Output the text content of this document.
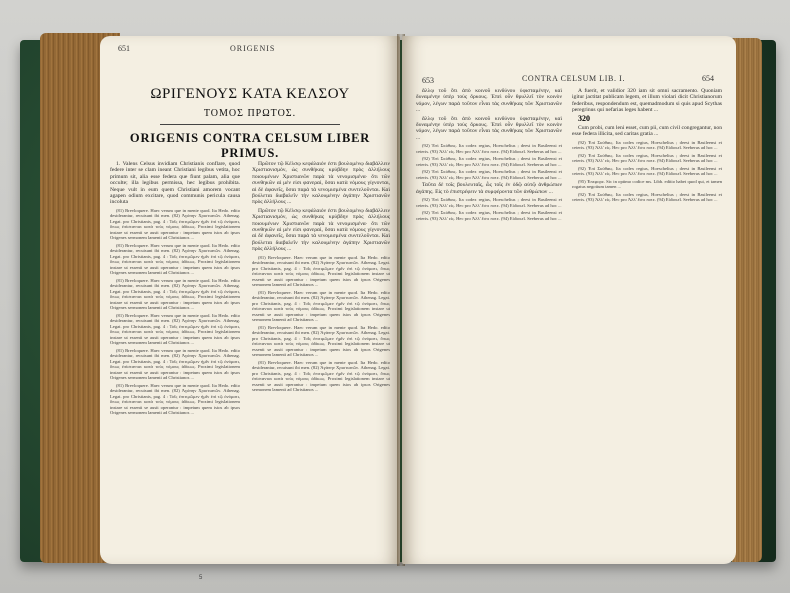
651	ORIGENIS
ΩΡΙΓΕΝΟΥΣ ΚΑΤΑ ΚΕΛΣΟΥ
ΤΟΜΟΣ ΠΡΩΤΟΣ.
ORIGENIS CONTRA CELSUM LIBER PRIMUS.

1. Valens Celsus invidiam Christianis conflare, quod federe inter se clam ineant Christiani legibus vetita, hoc primum sit, alia esse federa que fiunt palam, alia que occulte; illa legibus permissa, hec legibus prohibita. Neque vult in eum quem Christiani amorem vocant agapen odium excitare, quod communis pericula causa incoluta

(81) Brevloquere. Haec verum que in mente quod. Ita Hedo. edito desiderantur, recuisunt ibi men. (82) Ἀγάπην Χριστιανῶν. Athenag. Legat. pro Christianis, pag. 4 : Τοῖς ἐπιτιμῶμεν ἡμῖν ἐπὶ τῷ ὀνόματι, ὅπως ἐπίστανται κατὰ τοὺς νόμους ἀδίκως. Proximi legislationem instare ut essenti se ausit operantur : impetum quem istos ab ipsos Origenes sermonem lamenti ad Christianos ...

(81) Brevloquere. Haec verum que in mente quod. Ita Hedo. edito desiderantur, recuisunt ibi men. (82) Ἀγάπην Χριστιανῶν. Athenag. Legat. pro Christianis, pag. 4 : Τοῖς ἐπιτιμῶμεν ἡμῖν ἐπὶ τῷ ὀνόματι, ὅπως ἐπίστανται κατὰ τοὺς νόμους ἀδίκως. Proximi legislationem instare ut essenti se ausit operantur : impetum quem istos ab ipsos Origenes sermonem lamenti ad Christianos ...

(81) Brevloquere. Haec verum que in mente quod. Ita Hedo. edito desiderantur, recuisunt ibi men. (82) Ἀγάπην Χριστιανῶν. Athenag. Legat. pro Christianis, pag. 4 : Τοῖς ἐπιτιμῶμεν ἡμῖν ἐπὶ τῷ ὀνόματι, ὅπως ἐπίστανται κατὰ τοὺς νόμους ἀδίκως. Proximi legislationem instare ut essenti se ausit operantur : impetum quem istos ab ipsos Origenes sermonem lamenti ad Christianos ...

(81) Brevloquere. Haec verum que in mente quod. Ita Hedo. edito desiderantur, recuisunt ibi men. (82) Ἀγάπην Χριστιανῶν. Athenag. Legat. pro Christianis, pag. 4 : Τοῖς ἐπιτιμῶμεν ἡμῖν ἐπὶ τῷ ὀνόματι, ὅπως ἐπίστανται κατὰ τοὺς νόμους ἀδίκως. Proximi legislationem instare ut essenti se ausit operantur : impetum quem istos ab ipsos Origenes sermonem lamenti ad Christianos ...

(81) Brevloquere. Haec verum que in mente quod. Ita Hedo. edito desiderantur, recuisunt ibi men. (82) Ἀγάπην Χριστιανῶν. Athenag. Legat. pro Christianis, pag. 4 : Τοῖς ἐπιτιμῶμεν ἡμῖν ἐπὶ τῷ ὀνόματι, ὅπως ἐπίστανται κατὰ τοὺς νόμους ἀδίκως. Proximi legislationem instare ut essenti se ausit operantur : impetum quem istos ab ipsos Origenes sermonem lamenti ad Christianos ...

(81) Brevloquere. Haec verum que in mente quod. Ita Hedo. edito desiderantur, recuisunt ibi men. (82) Ἀγάπην Χριστιανῶν. Athenag. Legat. pro Christianis, pag. 4 : Τοῖς ἐπιτιμῶμεν ἡμῖν ἐπὶ τῷ ὀνόματι, ὅπως ἐπίστανται κατὰ τοὺς νόμους ἀδίκως. Proximi legislationem instare ut essenti se ausit operantur : impetum quem istos ab ipsos Origenes sermonem lamenti ad Christianos ...

Πρῶτον τῷ Κέλσῳ κεφάλαιόν ἐστι βουλομένῳ διαβάλλειν Χριστιανισμόν, ὡς συνθήκας κρύβδην πρὸς ἀλλήλους ποιουμένων Χριστιανῶν παρὰ τὰ νενομισμένα· ὅτι τῶν συνθηκῶν αἱ μέν εἰσι φανεραί, ὅσαι κατὰ νόμους γίγνονται, αἱ δὲ ἀφανεῖς, ὅσαι παρὰ τὰ νενομισμένα συντελοῦνται. Καὶ βούλεται διαβαλεῖν τὴν καλουμένην ἀγάπην Χριστιανῶν πρὸς ἀλλήλους ...

Πρῶτον τῷ Κέλσῳ κεφάλαιόν ἐστι βουλομένῳ διαβάλλειν Χριστιανισμόν, ὡς συνθήκας κρύβδην πρὸς ἀλλήλους ποιουμένων Χριστιανῶν παρὰ τὰ νενομισμένα· ὅτι τῶν συνθηκῶν αἱ μέν εἰσι φανεραί, ὅσαι κατὰ νόμους γίγνονται, αἱ δὲ ἀφανεῖς, ὅσαι παρὰ τὰ νενομισμένα συντελοῦνται. Καὶ βούλεται διαβαλεῖν τὴν καλουμένην ἀγάπην Χριστιανῶν πρὸς ἀλλήλους ...

(81) Brevloquere. Haec verum que in mente quod. Ita Hedo. edito desiderantur, recuisunt ibi men. (82) Ἀγάπην Χριστιανῶν. Athenag. Legat. pro Christianis, pag. 4 : Τοῖς ἐπιτιμῶμεν ἡμῖν ἐπὶ τῷ ὀνόματι, ὅπως ἐπίστανται κατὰ τοὺς νόμους ἀδίκως. Proximi legislationem instare ut essenti se ausit operantur : impetum quem istos ab ipsos Origenes sermonem lamenti ad Christianos ...

(81) Brevloquere. Haec verum que in mente quod. Ita Hedo. edito desiderantur, recuisunt ibi men. (82) Ἀγάπην Χριστιανῶν. Athenag. Legat. pro Christianis, pag. 4 : Τοῖς ἐπιτιμῶμεν ἡμῖν ἐπὶ τῷ ὀνόματι, ὅπως ἐπίστανται κατὰ τοὺς νόμους ἀδίκως. Proximi legislationem instare ut essenti se ausit operantur : impetum quem istos ab ipsos Origenes sermonem lamenti ad Christianos ...

(81) Brevloquere. Haec verum que in mente quod. Ita Hedo. edito desiderantur, recuisunt ibi men. (82) Ἀγάπην Χριστιανῶν. Athenag. Legat. pro Christianis, pag. 4 : Τοῖς ἐπιτιμῶμεν ἡμῖν ἐπὶ τῷ ὀνόματι, ὅπως ἐπίστανται κατὰ τοὺς νόμους ἀδίκως. Proximi legislationem instare ut essenti se ausit operantur : impetum quem istos ab ipsos Origenes sermonem lamenti ad Christianos ...

(81) Brevloquere. Haec verum que in mente quod. Ita Hedo. edito desiderantur, recuisunt ibi men. (82) Ἀγάπην Χριστιανῶν. Athenag. Legat. pro Christianis, pag. 4 : Τοῖς ἐπιτιμῶμεν ἡμῖν ἐπὶ τῷ ὀνόματι, ὅπως ἐπίστανται κατὰ τοὺς νόμους ἀδίκως. Proximi legislationem instare ut essenti se ausit operantur : impetum quem istos ab ipsos Origenes sermonem lamenti ad Christianos ...

653	CONTRA CELSUM LIB. I.	654

ἄλλῳ τοῦ ὅτι ἀπὸ κοινοῦ κινδύνου ὑφισταμένην, καὶ δυναμένην ὑπὲρ τοὺς ὅρκους. Ἐπεὶ οὖν θρυλλεῖ τὸν κοινὸν νόμον, λέγων παρὰ τοῦτον εἶναι τὰς συνθήκας τῶν Χριστιανῶν ...

ἄλλῳ τοῦ ὅτι ἀπὸ κοινοῦ κινδύνου ὑφισταμένην, καὶ δυναμένην ὑπὲρ τοὺς ὅρκους. Ἐπεὶ οὖν θρυλλεῖ τὸν κοινὸν νόμον, λέγων παρὰ τοῦτον εἶναι τὰς συνθήκας τῶν Χριστιανῶν ...

(92) Ἐπὶ Σκύθαις. Ita codex regius, Hoeschelius ; deest in Basileensi et ceteris. (93) Ἀλλ' εἰς. Hec pro Ἀλλ' ἔστι ποτε. (94) Εὐδοκεῖ. Seeberus ad hoc ...

(92) Ἐπὶ Σκύθαις. Ita codex regius, Hoeschelius ; deest in Basileensi et ceteris. (93) Ἀλλ' εἰς. Hec pro Ἀλλ' ἔστι ποτε. (94) Εὐδοκεῖ. Seeberus ad hoc ...

(92) Ἐπὶ Σκύθαις. Ita codex regius, Hoeschelius ; deest in Basileensi et ceteris. (93) Ἀλλ' εἰς. Hec pro Ἀλλ' ἔστι ποτε. (94) Εὐδοκεῖ. Seeberus ad hoc ...

Ταῦτα δὲ τοῖς βουλευταῖς, ὧς τοῖς ἐν ὁδῷ αὐτῷ ἀνθρώπων ἀγάπης. Εἰς τὸ ἐπιστρέφειν τὰ συμφέροντα τῶν ἀνθρώπων ...

(92) Ἐπὶ Σκύθαις. Ita codex regius, Hoeschelius ; deest in Basileensi et ceteris. (93) Ἀλλ' εἰς. Hec pro Ἀλλ' ἔστι ποτε. (94) Εὐδοκεῖ. Seeberus ad hoc ...

(92) Ἐπὶ Σκύθαις. Ita codex regius, Hoeschelius ; deest in Basileensi et ceteris. (93) Ἀλλ' εἰς. Hec pro Ἀλλ' ἔστι ποτε. (94) Εὐδοκεῖ. Seeberus ad hoc ...

A fuerit, et validior 320 iam sit omni sacramento. Quoniam igitur jactitat publicam legem, et illum violari dicit Christianorum federibus, respondendum est, quemadmodum si quis apud Scythas peregrinus qui nefarias leges habent ...

320

Cum probi, cum leni esset, cum pii, cum civil congregantur, non esse federa illicita, sed caritas gratia ...

(92) Ἐπὶ Σκύθαις. Ita codex regius, Hoeschelius ; deest in Basileensi et ceteris. (93) Ἀλλ' εἰς. Hec pro Ἀλλ' ἔστι ποτε. (94) Εὐδοκεῖ. Seeberus ad hoc ...

(92) Ἐπὶ Σκύθαις. Ita codex regius, Hoeschelius ; deest in Basileensi et ceteris. (93) Ἀλλ' εἰς. Hec pro Ἀλλ' ἔστι ποτε. (94) Εὐδοκεῖ. Seeberus ad hoc ...

(92) Ἐπὶ Σκύθαις. Ita codex regius, Hoeschelius ; deest in Basileensi et ceteris. (93) Ἀλλ' εἰς. Hec pro Ἀλλ' ἔστι ποτε. (94) Εὐδοκεῖ. Seeberus ad hoc ...

(95) Ἐπεφορε. Sic in optimo codice ms. Libb. editio habet quod qui, et tamen rogatus negotium tamen ...

(92) Ἐπὶ Σκύθαις. Ita codex regius, Hoeschelius ; deest in Basileensi et ceteris. (93) Ἀλλ' εἰς. Hec pro Ἀλλ' ἔστι ποτε. (94) Εὐδοκεῖ. Seeberus ad hoc ...

5
